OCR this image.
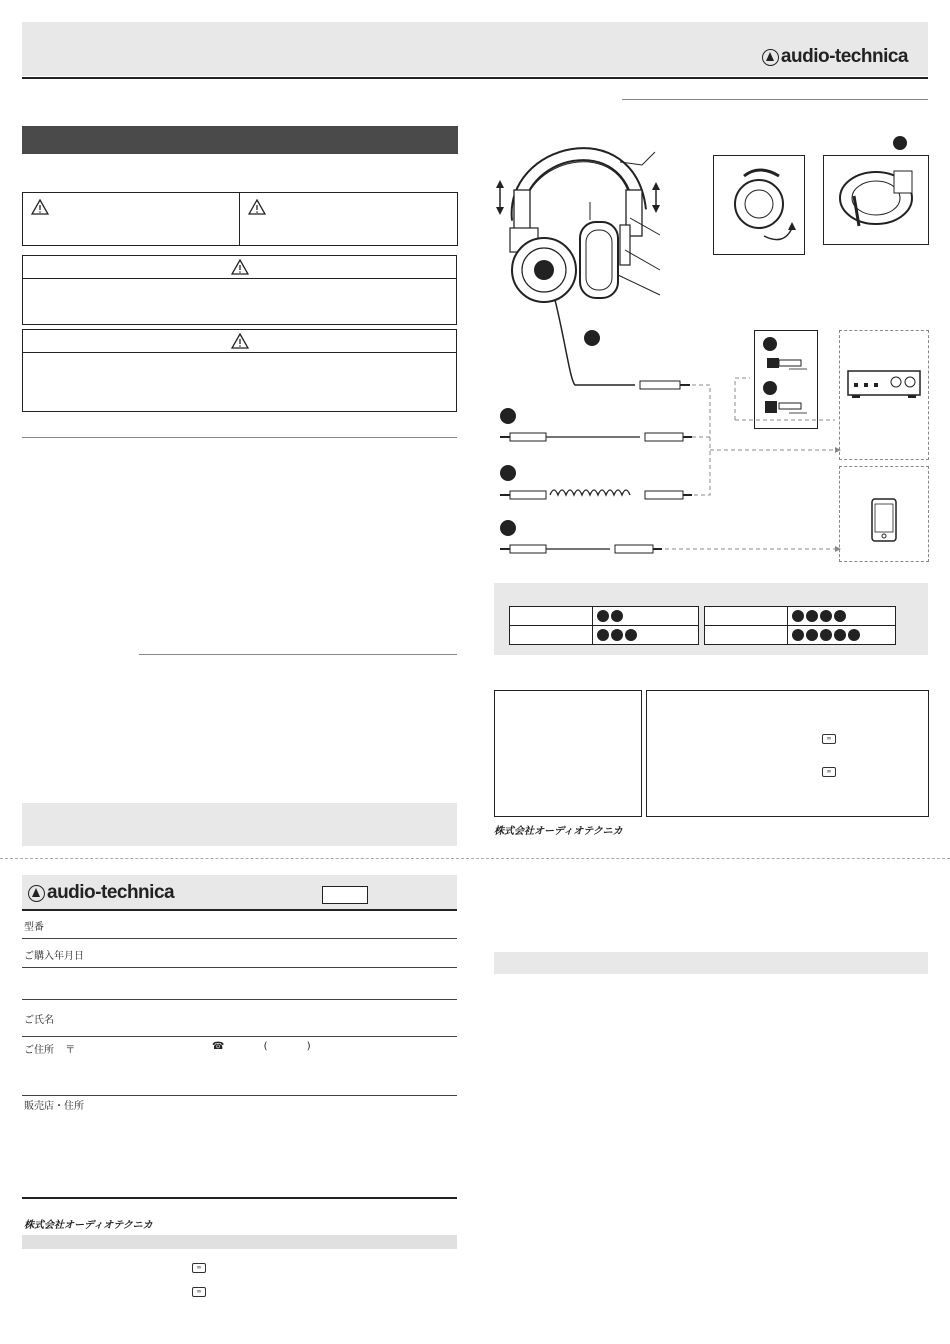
audio-technica

∞
∞
株式会社オーディオテクニカ
audio-technica
型番
ご購入年月日
ご氏名
ご住所 〒	☎	(	)
販売店・住所
株式会社オーディオテクニカ
∞
∞
